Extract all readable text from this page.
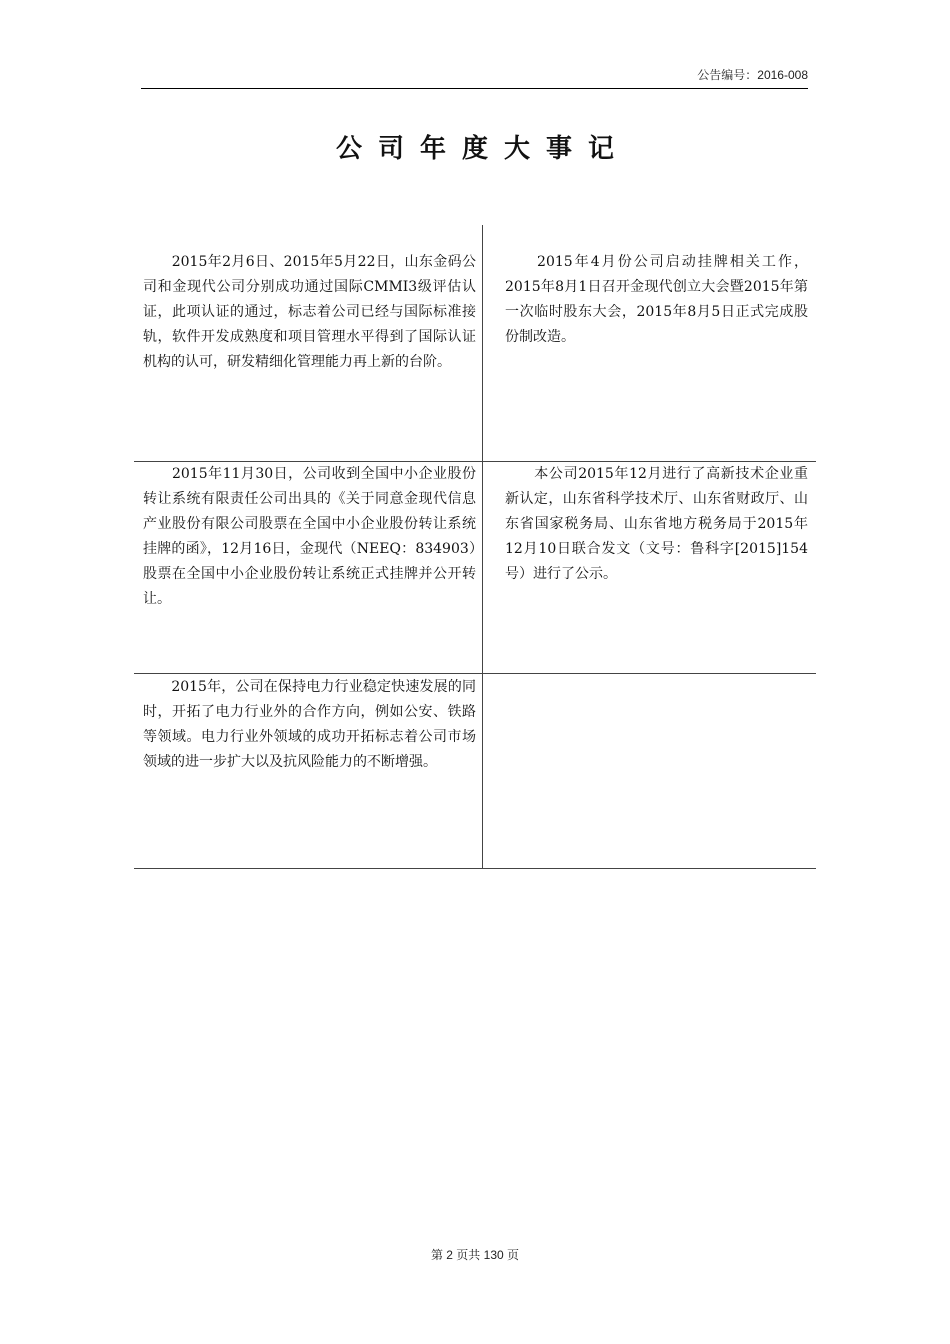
公告编号：2016-008
公司年度大事记

　　2015年2月6日、2015年5月22日，山东金码公司和金现代公司分别成功通过国际CMMI3级评估认证，此项认证的通过，标志着公司已经与国际标准接轨，软件开发成熟度和项目管理水平得到了国际认证机构的认可，研发精细化管理能力再上新的台阶。

　　2015年4月份公司启动挂牌相关工作，2015年8月1日召开金现代创立大会暨2015年第一次临时股东大会，2015年8月5日正式完成股份制改造。

　　2015年11月30日，公司收到全国中小企业股份转让系统有限责任公司出具的《关于同意金现代信息产业股份有限公司股票在全国中小企业股份转让系统挂牌的函》，12月16日，金现代（NEEQ：834903）股票在全国中小企业股份转让系统正式挂牌并公开转让。

　　本公司2015年12月进行了高新技术企业重新认定，山东省科学技术厅、山东省财政厅、山东省国家税务局、山东省地方税务局于2015年12月10日联合发文（文号：鲁科字[2015]154号）进行了公示。

　　2015年，公司在保持电力行业稳定快速发展的同时，开拓了电力行业外的合作方向，例如公安、铁路等领域。电力行业外领域的成功开拓标志着公司市场领域的进一步扩大以及抗风险能力的不断增强。

第 2 页共 130 页
